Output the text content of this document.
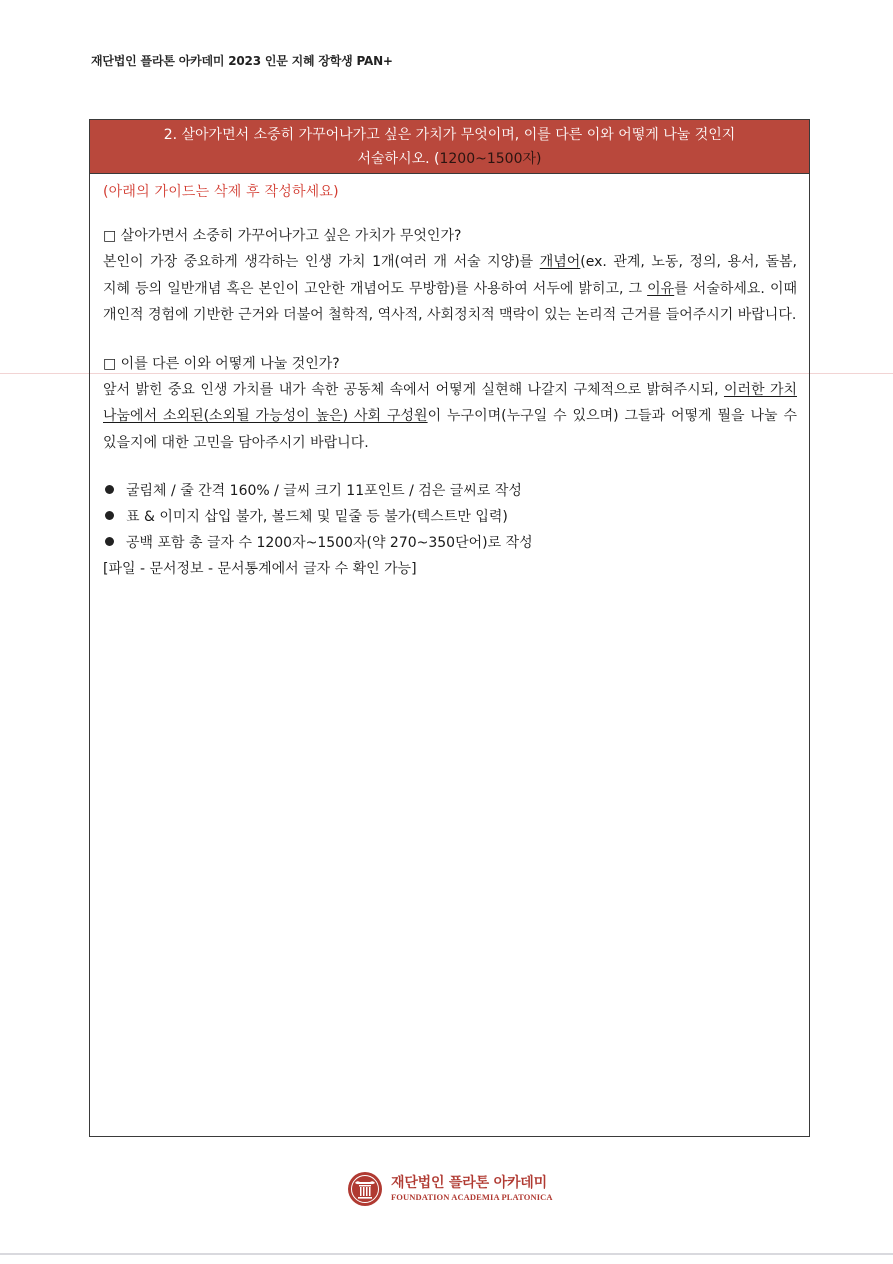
재단법인 플라톤 아카데미 2023 인문 지혜 장학생 PAN+
2. 살아가면서 소중히 가꾸어나가고 싶은 가치가 무엇이며, 이를 다른 이와 어떻게 나눌 것인지
서술하시오. (1200~1500자)
(아래의 가이드는 삭제 후 작성하세요)
□ 살아가면서 소중히 가꾸어나가고 싶은 가치가 무엇인가?
본인이 가장 중요하게 생각하는 인생 가치 1개(여러 개 서술 지양)를 개념어(ex. 관계, 노동, 정의, 용서, 돌봄, 지혜 등의 일반개념 혹은 본인이 고안한 개념어도 무방함)를 사용하여 서두에 밝히고, 그 이유를 서술하세요. 이때 개인적 경험에 기반한 근거와 더불어 철학적, 역사적, 사회정치적 맥락이 있는 논리적 근거를 들어주시기 바랍니다.
□ 이를 다른 이와 어떻게 나눌 것인가?
앞서 밝힌 중요 인생 가치를 내가 속한 공동체 속에서 어떻게 실현해 나갈지 구체적으로 밝혀주시되, 이러한 가치 나눔에서 소외된(소외될 가능성이 높은) 사회 구성원이 누구이며(누구일 수 있으며) 그들과 어떻게 뭘을 나눌 수 있을지에 대한 고민을 담아주시기 바랍니다.
굴림체 / 줄 간격 160% / 글씨 크기 11포인트 / 검은 글씨로 작성
표 & 이미지 삽입 불가, 볼드체 및 밑줄 등 불가(텍스트만 입력)
공백 포함 총 글자 수 1200자~1500자(약 270~350단어)로 작성
[파일 - 문서정보 - 문서통계에서 글자 수 확인 가능]
재단법인 플라톤 아카데미
FOUNDATION ACADEMIA PLATONICA
